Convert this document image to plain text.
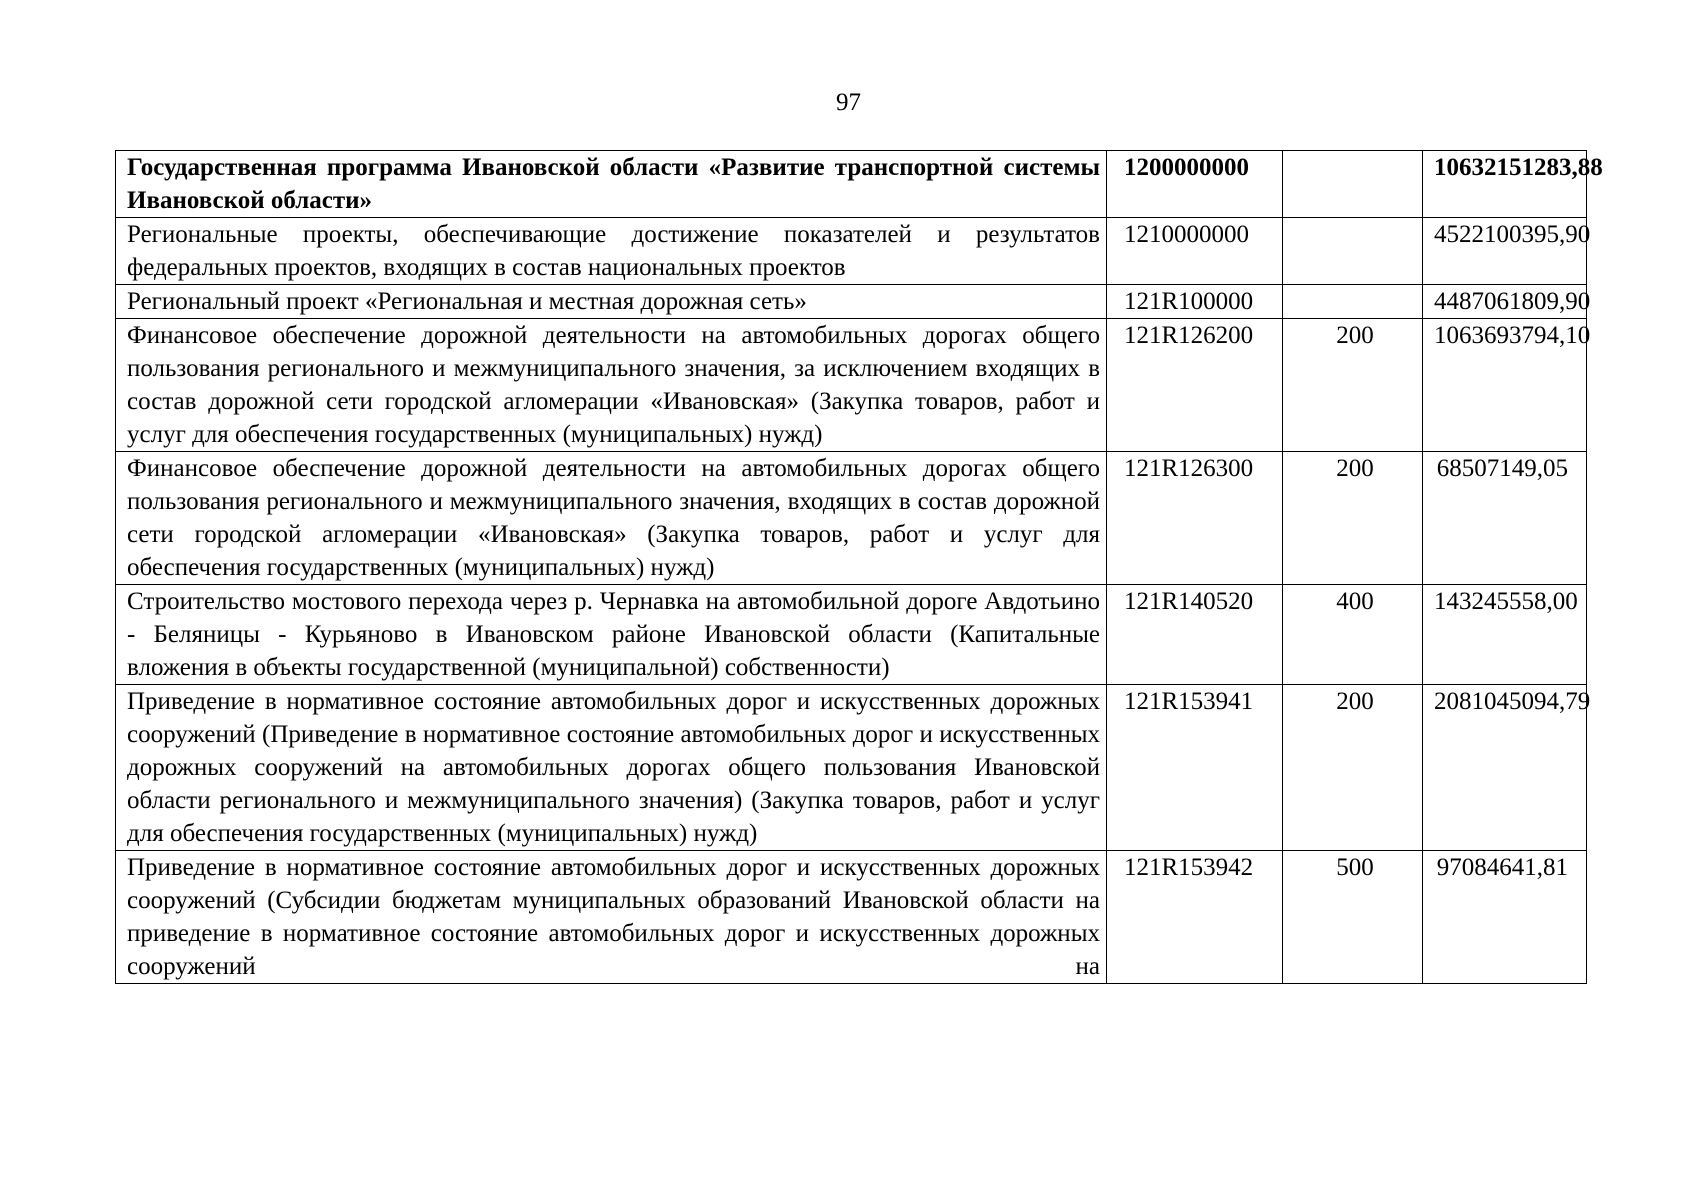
97
Государственная программа Ивановской области «Развитие транспортной системы Ивановской области»	1200000000		10632151283,88
Региональные проекты, обеспечивающие достижение показателей и результатов федеральных проектов, входящих в состав национальных проектов	1210000000		4522100395,90
Региональный проект «Региональная и местная дорожная сеть»	121R100000		4487061809,90
Финансовое обеспечение дорожной деятельности на автомобильных дорогах общего пользования регионального и межмуниципального значения, за исключением входящих в состав дорожной сети городской агломерации «Ивановская» (Закупка товаров, работ и услуг для обеспечения государственных (муниципальных) нужд)	121R126200	200	1063693794,10
Финансовое обеспечение дорожной деятельности на автомобильных дорогах общего пользования регионального и межмуниципального значения, входящих в состав дорожной сети городской агломерации «Ивановская» (Закупка товаров, работ и услуг для обеспечения государственных (муниципальных) нужд)	121R126300	200	68507149,05
Строительство мостового перехода через р. Чернавка на автомобильной дороге Авдотьино - Беляницы - Курьяново в Ивановском районе Ивановской области (Капитальные вложения в объекты государственной (муниципальной) собственности)	121R140520	400	143245558,00
Приведение в нормативное состояние автомобильных дорог и искусственных дорожных сооружений (Приведение в нормативное состояние автомобильных дорог и искусственных дорожных сооружений на автомобильных дорогах общего пользования Ивановской области регионального и межмуниципального значения) (Закупка товаров, работ и услуг для обеспечения государственных (муниципальных) нужд)	121R153941	200	2081045094,79
Приведение в нормативное состояние автомобильных дорог и искусственных дорожных сооружений (Субсидии бюджетам муниципальных образований Ивановской области на приведение в нормативное состояние автомобильных дорог и искусственных дорожных сооружений на	121R153942	500	97084641,81
